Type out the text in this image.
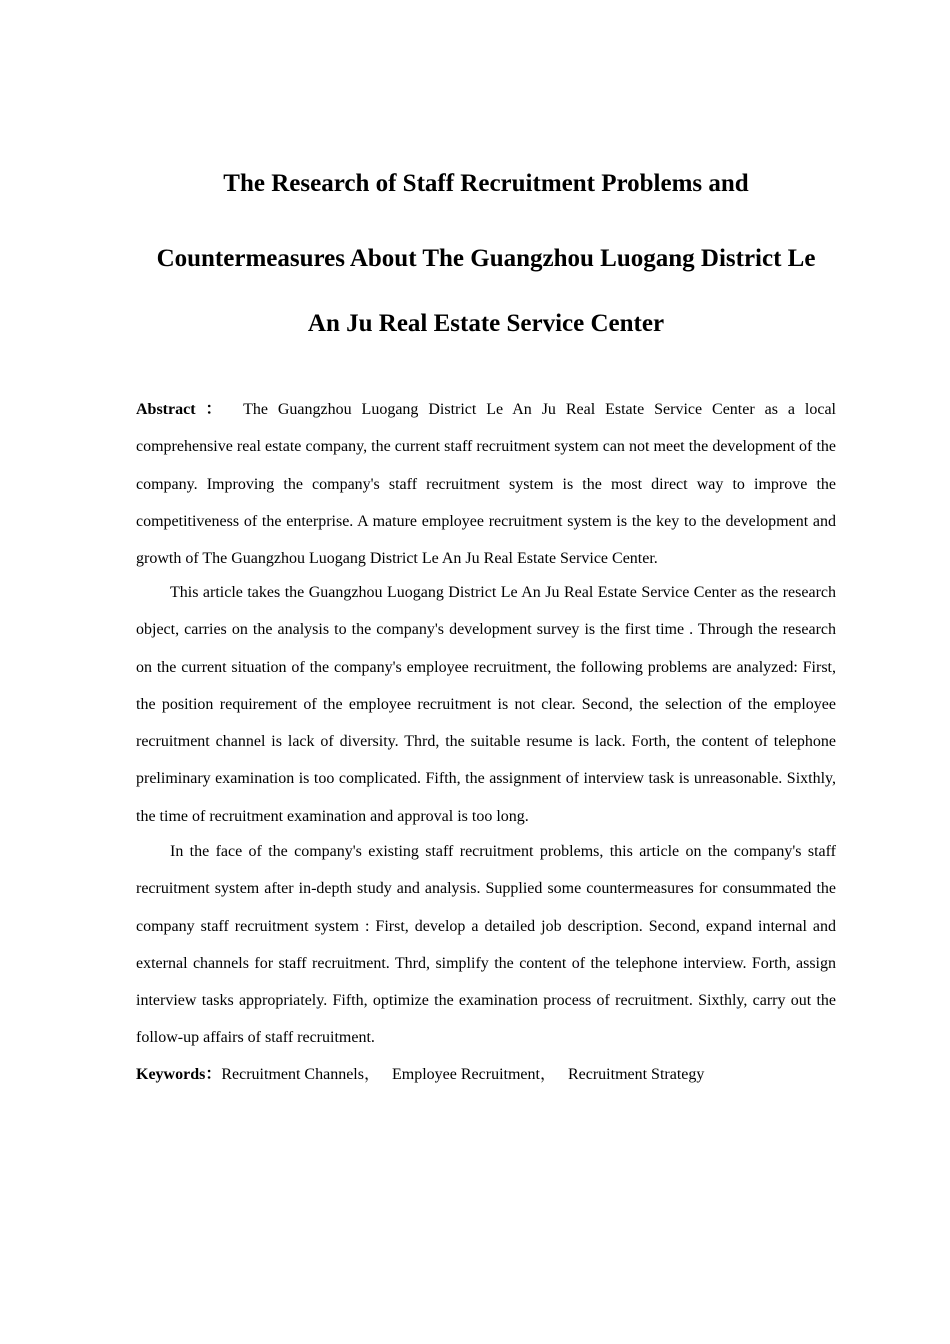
The Research of Staff Recruitment Problems and
Countermeasures About The Guangzhou Luogang District Le
An Ju Real Estate Service Center

Abstract ： The Guangzhou Luogang District Le An Ju Real Estate Service Center as a local comprehensive real estate company, the current staff recruitment system can not meet the development of the company. Improving the company's staff recruitment system is the most direct way to improve the competitiveness of the enterprise. A mature employee recruitment system is the key to the development and growth of The Guangzhou Luogang District Le An Ju Real Estate Service Center.

This article takes the Guangzhou Luogang District Le An Ju Real Estate Service Center as the research object, carries on the analysis to the company's development survey is the first time . Through the research on the current situation of the company's employee recruitment, the following problems are analyzed: First, the position requirement of the employee recruitment is not clear. Second, the selection of the employee recruitment channel is lack of diversity. Thrd, the suitable resume is lack. Forth, the content of telephone preliminary examination is too complicated. Fifth, the assignment of interview task is unreasonable. Sixthly, the time of recruitment examination and approval is too long.

In the face of the company's existing staff recruitment problems, this article on the company's staff recruitment system after in-depth study and analysis. Supplied some countermeasures for consummated the company staff recruitment system : First, develop a detailed job description. Second, expand internal and external channels for staff recruitment. Thrd, simplify the content of the telephone interview. Forth, assign interview tasks appropriately. Fifth, optimize the examination process of recruitment. Sixthly, carry out the follow-up affairs of staff recruitment.

Keywords：Recruitment Channels， Employee Recruitment， Recruitment Strategy
